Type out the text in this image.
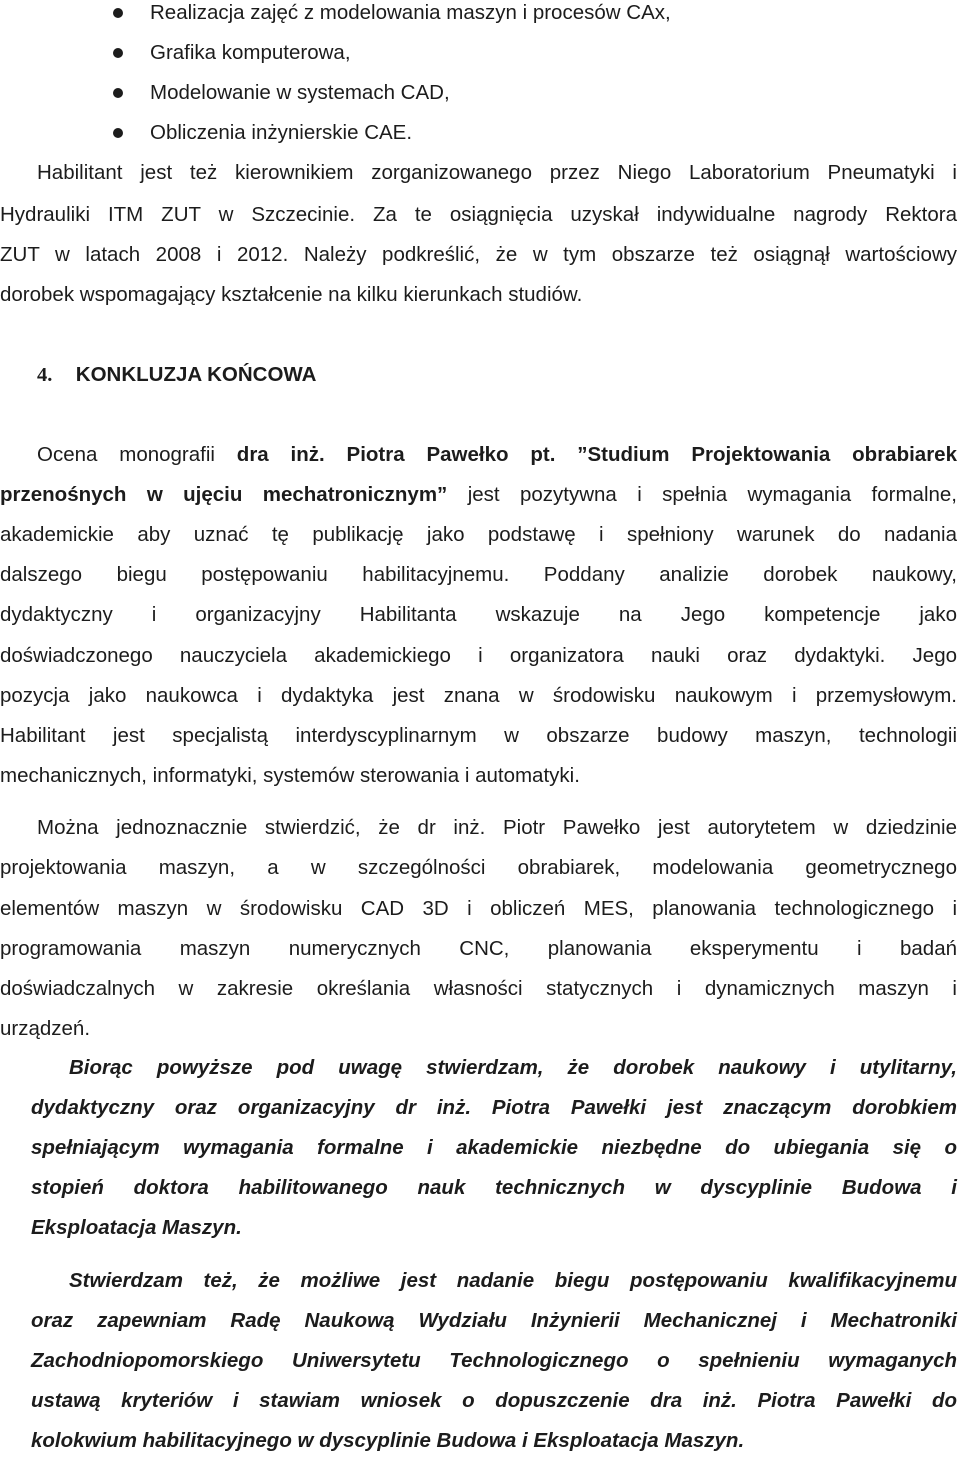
Realizacja zajęć z modelowania maszyn i procesów CAx,
Grafika komputerowa,
Modelowanie w systemach CAD,
Obliczenia inżynierskie CAE.
Habilitant jest też kierownikiem zorganizowanego przez Niego Laboratorium Pneumatyki i
Hydrauliki ITM ZUT w Szczecinie. Za te osiągnięcia uzyskał indywidualne nagrody Rektora
ZUT w latach 2008 i 2012. Należy podkreślić, że w tym obszarze też osiągnął wartościowy
dorobek wspomagający kształcenie na kilku kierunkach studiów.
4. KONKLUZJA KOŃCOWA
Ocena monografii dra inż. Piotra Pawełko pt. ”Studium Projektowania obrabiarek
przenośnych w ujęciu mechatronicznym” jest pozytywna i spełnia wymagania formalne,
akademickie aby uznać tę publikację jako podstawę i spełniony warunek do nadania
dalszego biegu postępowaniu habilitacyjnemu. Poddany analizie dorobek naukowy,
dydaktyczny i organizacyjny Habilitanta wskazuje na Jego kompetencje jako
doświadczonego nauczyciela akademickiego i organizatora nauki oraz dydaktyki. Jego
pozycja jako naukowca i dydaktyka jest znana w środowisku naukowym i przemysłowym.
Habilitant jest specjalistą interdyscyplinarnym w obszarze budowy maszyn, technologii
mechanicznych, informatyki, systemów sterowania i automatyki.
Można jednoznacznie stwierdzić, że dr inż. Piotr Pawełko jest autorytetem w dziedzinie
projektowania maszyn, a w szczególności obrabiarek, modelowania geometrycznego
elementów maszyn w środowisku CAD 3D i obliczeń MES, planowania technologicznego i
programowania maszyn numerycznych CNC, planowania eksperymentu i badań
doświadczalnych w zakresie określania własności statycznych i dynamicznych maszyn i
urządzeń.
Biorąc powyższe pod uwagę stwierdzam, że dorobek naukowy i utylitarny,
dydaktyczny oraz organizacyjny dr inż. Piotra Pawełki jest znaczącym dorobkiem
spełniającym wymagania formalne i akademickie niezbędne do ubiegania się o
stopień doktora habilitowanego nauk technicznych w dyscyplinie Budowa i
Eksploatacja Maszyn.
Stwierdzam też, że możliwe jest nadanie biegu postępowaniu kwalifikacyjnemu
oraz zapewniam Radę Naukową Wydziału Inżynierii Mechanicznej i Mechatroniki
Zachodniopomorskiego Uniwersytetu Technologicznego o spełnieniu wymaganych
ustawą kryteriów i stawiam wniosek o dopuszczenie dra inż. Piotra Pawełki do
kolokwium habilitacyjnego w dyscyplinie Budowa i Eksploatacja Maszyn.
